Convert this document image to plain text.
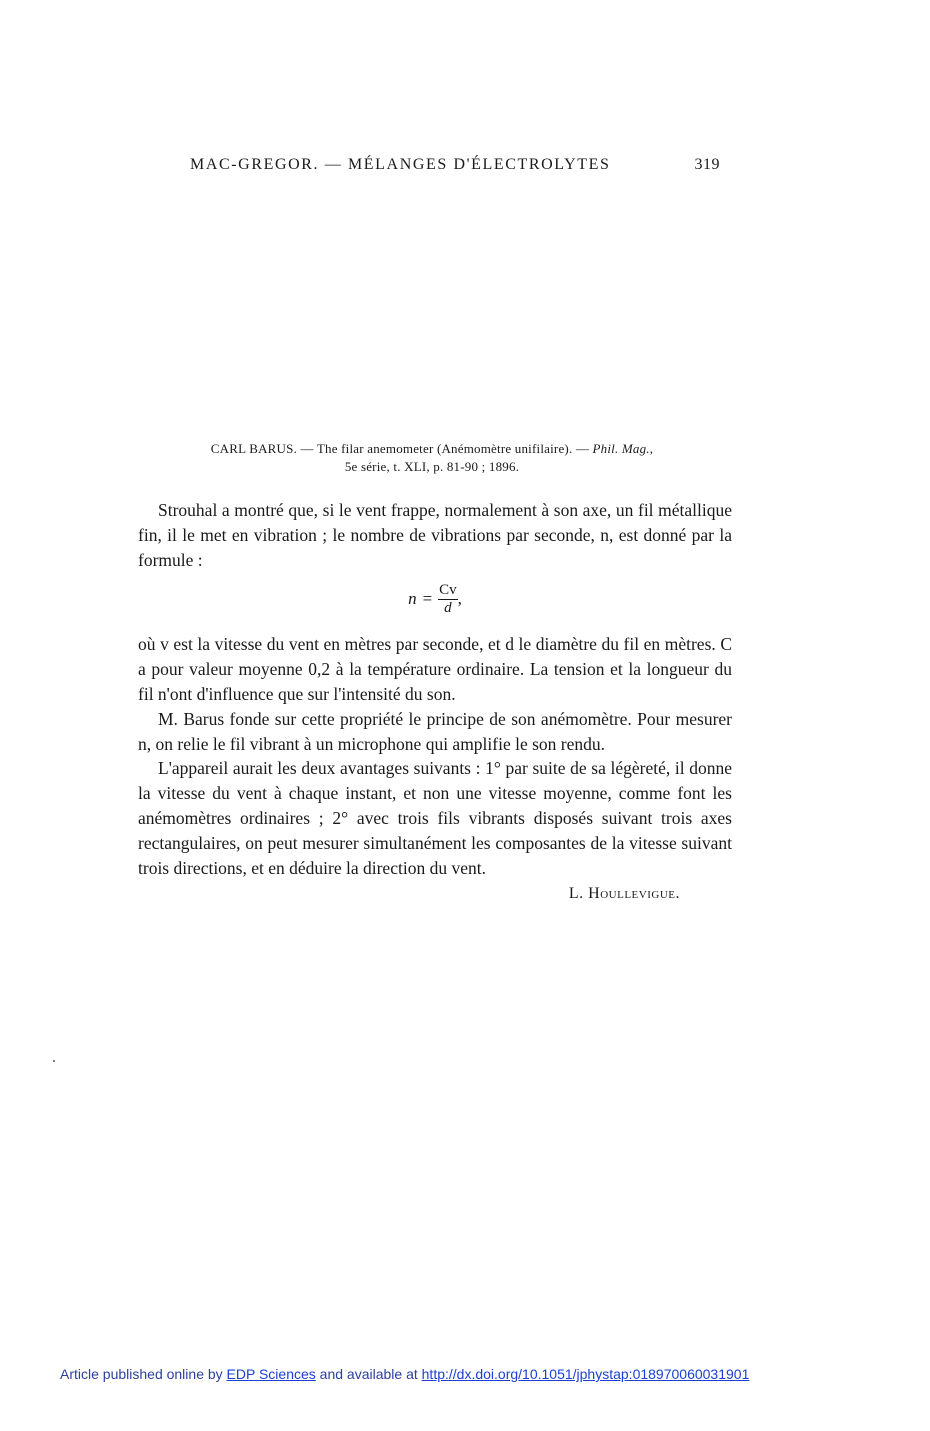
MAC-GREGOR. — MÉLANGES D'ÉLECTROLYTES	319
CARL BARUS. — The filar anemometer (Anémomètre unifilaire). — Phil. Mag.,
5e série, t. XLI, p. 81-90 ; 1896.

Strouhal a montré que, si le vent frappe, normalement à son axe, un fil métallique fin, il le met en vibration ; le nombre de vibrations par seconde, n, est donné par la formule :

$n = \frac{Cv}{d}$ ,

où v est la vitesse du vent en mètres par seconde, et d le diamètre du fil en mètres. C a pour valeur moyenne 0,2 à la température ordinaire. La tension et la longueur du fil n'ont d'influence que sur l'intensité du son.

M. Barus fonde sur cette propriété le principe de son anémomètre. Pour mesurer n, on relie le fil vibrant à un microphone qui amplifie le son rendu.

L'appareil aurait les deux avantages suivants : 1° par suite de sa légèreté, il donne la vitesse du vent à chaque instant, et non une vitesse moyenne, comme font les anémomètres ordinaires ; 2° avec trois fils vibrants disposés suivant trois axes rectangulaires, on peut mesurer simultanément les composantes de la vitesse suivant trois directions, et en déduire la direction du vent.

L. Houllevigue.
Article published online by EDP Sciences and available at http://dx.doi.org/10.1051/jphystap:018970060031901
